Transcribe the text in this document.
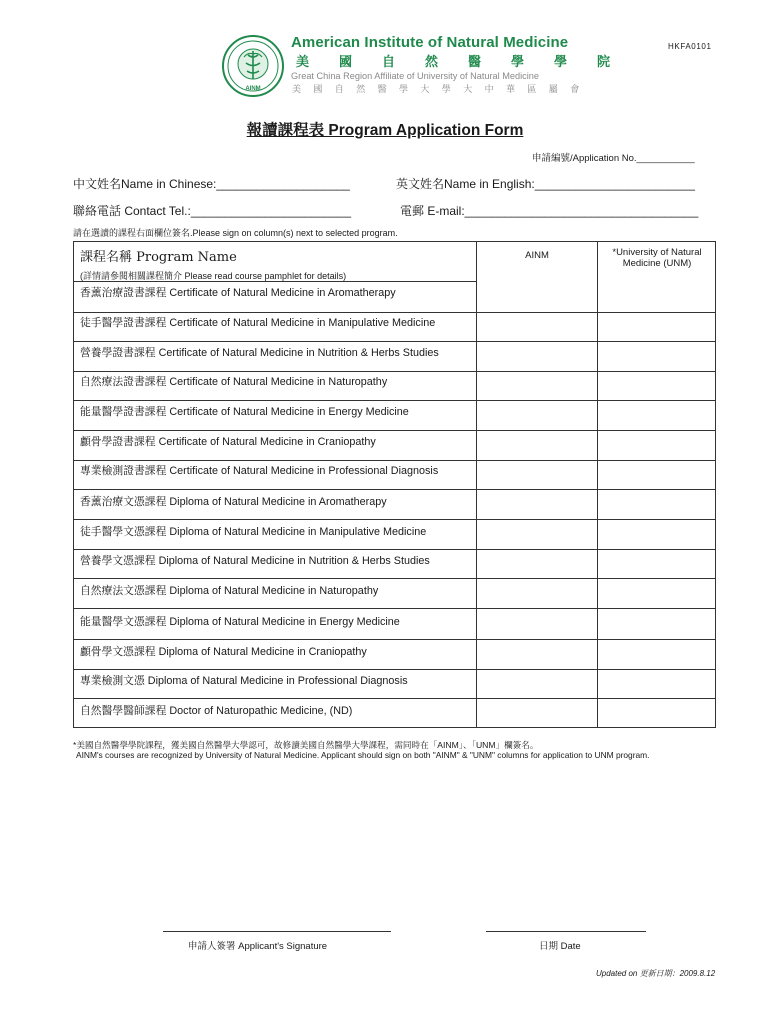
AINM
American Institute of Natural Medicine
美國自然醫學學院
Great China Region Affiliate of University of Natural Medicine
美國自然醫學大學大中華區屬會
HKFA0101
報讀課程表 Program Application Form
申請編號/Application No.___________
中文姓名Name in Chinese:____________________	英文姓名Name in English:________________________
聯絡電話 Contact Tel.:________________________	電郵 E-mail:___________________________________
請在選讀的課程右面欄位簽名.Please sign on column(s) next to selected program.
課程名稱 Program Name
(詳情請參閱相關課程簡介 Please read course pamphlet for details)
AINM	*University of Natural
Medicine (UNM)
香薰治療證書課程 Certificate of Natural Medicine in Aromatherapy
徒手醫學證書課程 Certificate of Natural Medicine in Manipulative Medicine
營養學證書課程 Certificate of Natural Medicine in Nutrition & Herbs Studies
自然療法證書課程 Certificate of Natural Medicine in Naturopathy
能量醫學證書課程 Certificate of Natural Medicine in Energy Medicine
顱骨學證書課程 Certificate of Natural Medicine in Craniopathy
專業檢測證書課程 Certificate of Natural Medicine in Professional Diagnosis
香薰治療文憑課程 Diploma of Natural Medicine in Aromatherapy
徒手醫學文憑課程 Diploma of Natural Medicine in Manipulative Medicine
營養學文憑課程 Diploma of Natural Medicine in Nutrition & Herbs Studies
自然療法文憑課程 Diploma of Natural Medicine in Naturopathy
能量醫學文憑課程 Diploma of Natural Medicine in Energy Medicine
顱骨學文憑課程 Diploma of Natural Medicine in Craniopathy
專業檢測文憑 Diploma of Natural Medicine in Professional Diagnosis
自然醫學醫師課程 Doctor of Naturopathic Medicine, (ND)
*美國自然醫學學院課程，獲美國自然醫學大學認可，故修讀美國自然醫學大學課程，需同時在「AINM」、「UNM」欄簽名。
AINM's courses are recognized by University of Natural Medicine. Applicant should sign on both "AINM" & "UNM" columns for application to UNM program.
申請人簽署 Applicant's Signature	日期 Date
Updated on 更新日期：2009.8.12
